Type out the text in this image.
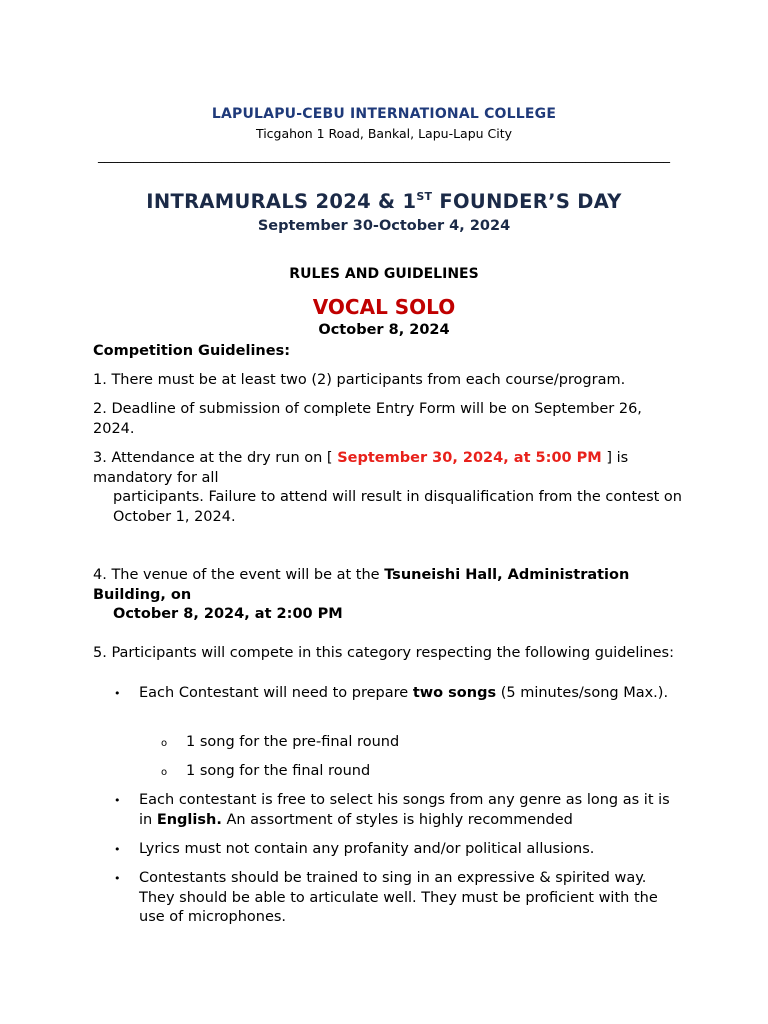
LAPULAPU-CEBU INTERNATIONAL COLLEGE
Ticgahon 1 Road, Bankal, Lapu-Lapu City
________________________________________________________________________________________
INTRAMURALS 2024 & 1ST FOUNDER’S DAY
September 30-October 4, 2024
RULES AND GUIDELINES
VOCAL SOLO
October 8, 2024
Competition Guidelines:
1. There must be at least two (2) participants from each course/program.
2. Deadline of submission of complete Entry Form will be on September 26, 2024.
3. Attendance at the dry run on [ September 30, 2024, at 5:00 PM ] is mandatory for all
participants. Failure to attend will result in disqualification from the contest on
October 1, 2024.
4. The venue of the event will be at the Tsuneishi Hall, Administration Building, on
October 8, 2024, at 2:00 PM
5. Participants will compete in this category respecting the following guidelines:
• Each Contestant will need to prepare two songs (5 minutes/song Max.).
o 1 song for the pre-final round
o 1 song for the final round
• Each contestant is free to select his songs from any genre as long as it is in English. An assortment of styles is highly recommended
• Lyrics must not contain any profanity and/or political allusions.
• Contestants should be trained to sing in an expressive & spirited way. They should be able to articulate well. They must be proficient with the use of microphones.
